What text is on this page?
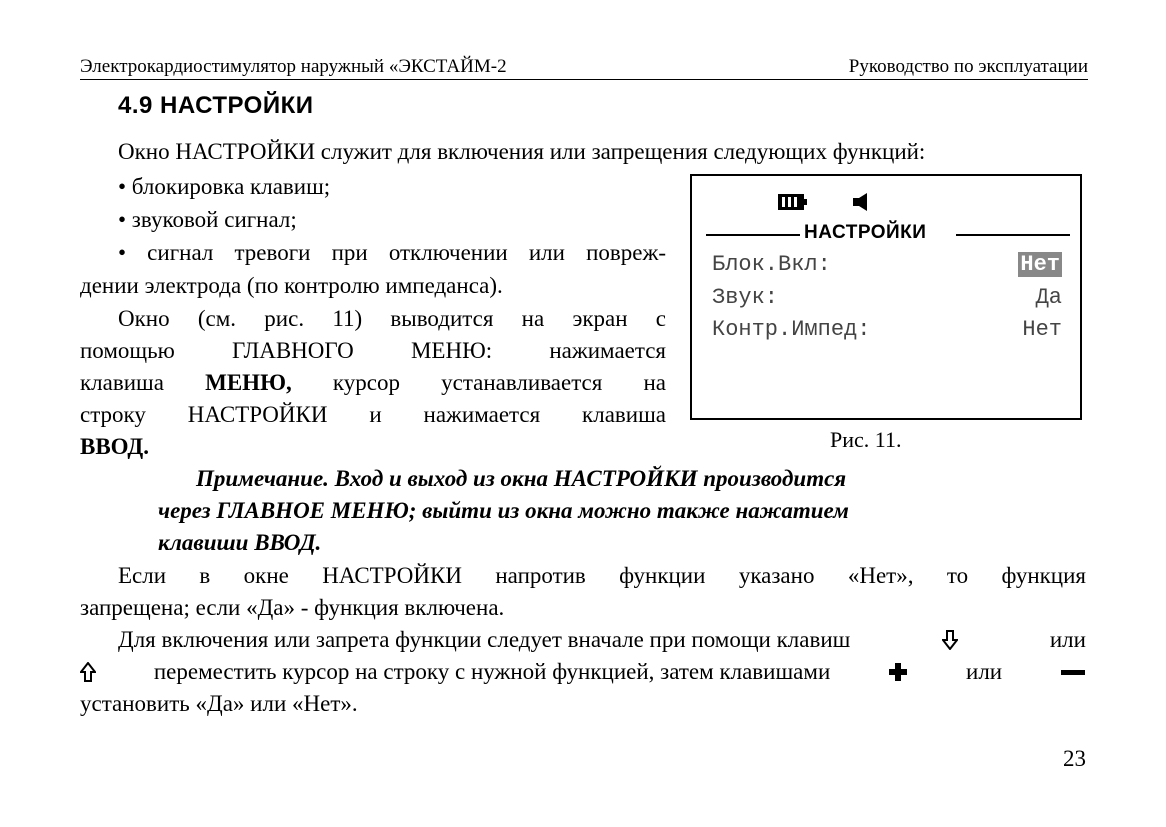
Электрокардиостимулятор наружный «ЭКСТАЙМ-2	Руководство по эксплуатации
4.9 НАСТРОЙКИ
Окно НАСТРОЙКИ служит для включения или запрещения следующих функций:
• блокировка клавиш;
• звуковой сигнал;
• сигнал тревоги при отключении или повреж-
дении электрода (по контролю импеданса).
Окно (см. рис. 11) выводится на экран с
помощью ГЛАВНОГО МЕНЮ: нажимается
клавиша МЕНЮ, курсор устанавливается на
строку НАСТРОЙКИ и нажимается клавиша
ВВОД.
НАСТРОЙКИ
Блок.Вкл:	Нет
Звук:	Да
Контр.Импед:	Нет
Рис. 11.
Примечание. Вход и выход из окна НАСТРОЙКИ производится
через ГЛАВНОЕ МЕНЮ; выйти из окна можно также нажатием
клавиши ВВОД.
Если в окне НАСТРОЙКИ напротив функции указано «Нет», то функция
запрещена; если «Да» - функция включена.
Для включения или запрета функции следует вначале при помощи клавиш	или
переместить курсор на строку с нужной функцией, затем клавишами	или
установить «Да» или «Нет».
23
